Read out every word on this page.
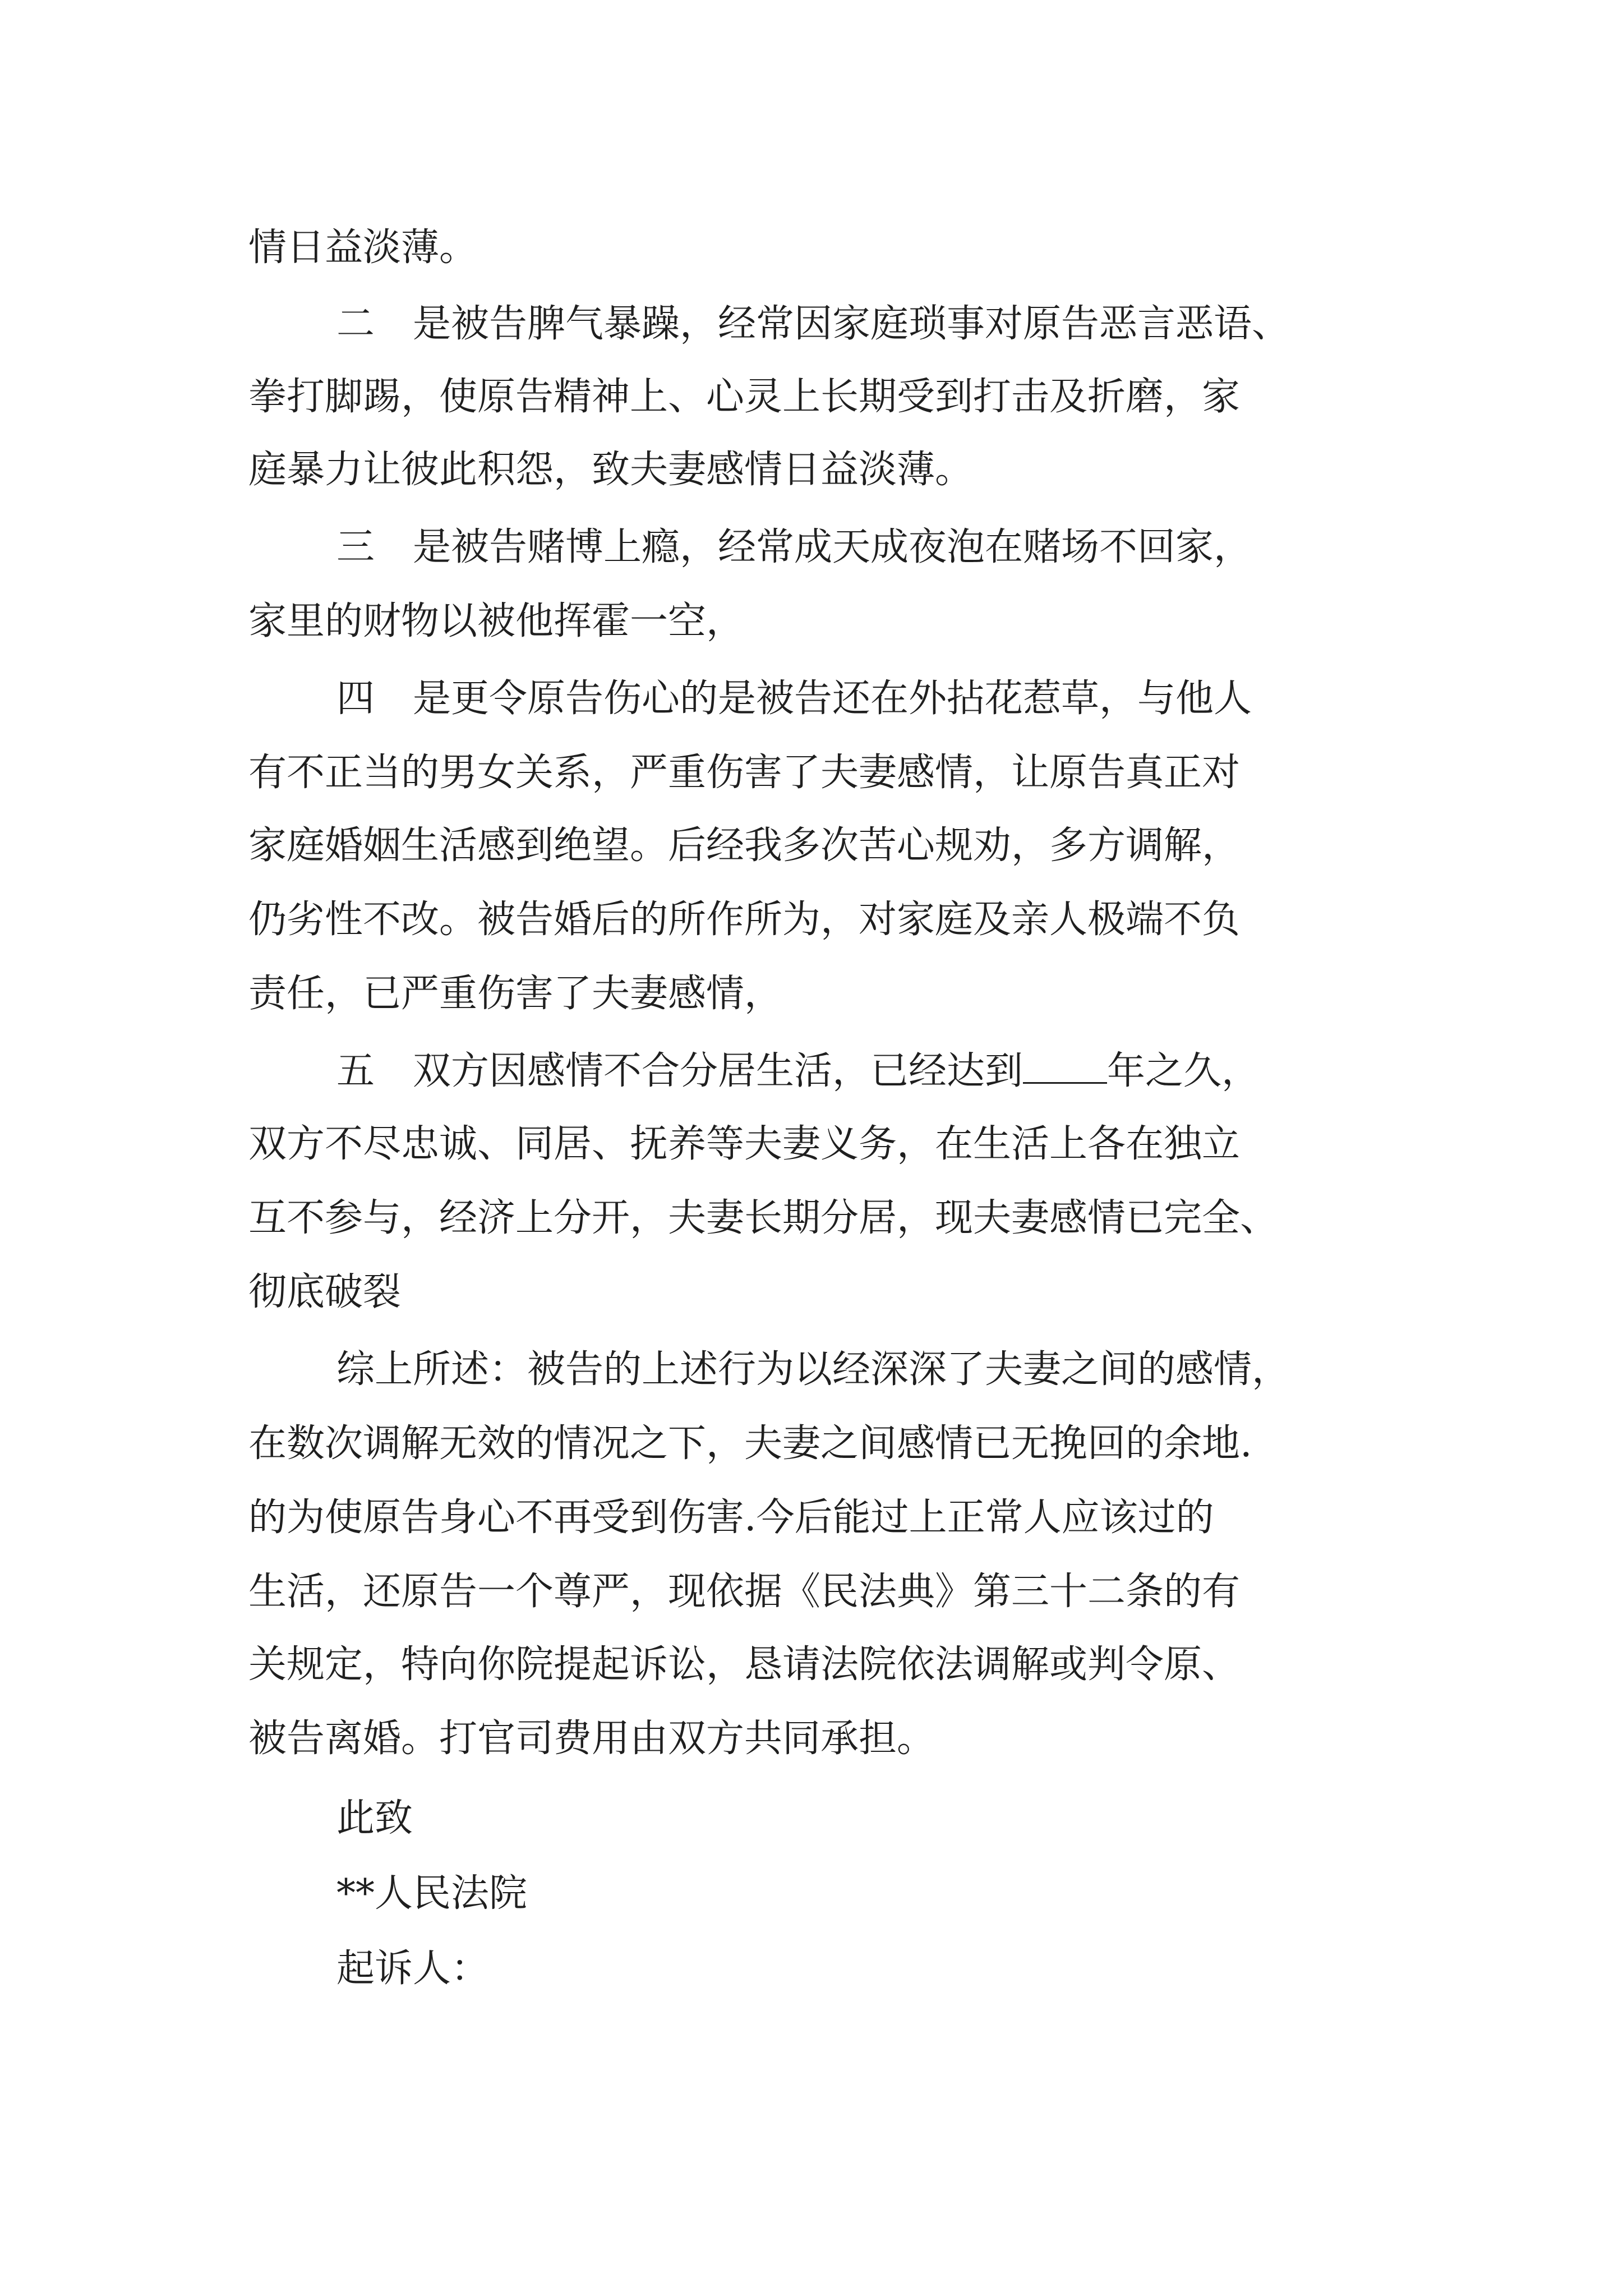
情日益淡薄。

二　是被告脾气暴躁，经常因家庭琐事对原告恶言恶语、

拳打脚踢，使原告精神上、心灵上长期受到打击及折磨，家

庭暴力让彼此积怨，致夫妻感情日益淡薄。

三　是被告赌博上瘾，经常成天成夜泡在赌场不回家，

家里的财物以被他挥霍一空，

四　是更令原告伤心的是被告还在外拈花惹草，与他人

有不正当的男女关系，严重伤害了夫妻感情，让原告真正对

家庭婚姻生活感到绝望。后经我多次苦心规劝，多方调解，

仍劣性不改。被告婚后的所作所为，对家庭及亲人极端不负

责任，已严重伤害了夫妻感情，

五　双方因感情不合分居生活，已经达到 年之久，

双方不尽忠诚、同居、抚养等夫妻义务，在生活上各在独立

互不参与，经济上分开，夫妻长期分居，现夫妻感情已完全、

彻底破裂

综上所述：被告的上述行为以经深深了夫妻之间的感情，

在数次调解无效的情况之下，夫妻之间感情已无挽回的余地.

的为使原告身心不再受到伤害.今后能过上正常人应该过的

生活，还原告一个尊严，现依据《民法典》第三十二条的有

关规定，特向你院提起诉讼，恳请法院依法调解或判令原、

被告离婚。打官司费用由双方共同承担。

此致

**人民法院

起诉人：
